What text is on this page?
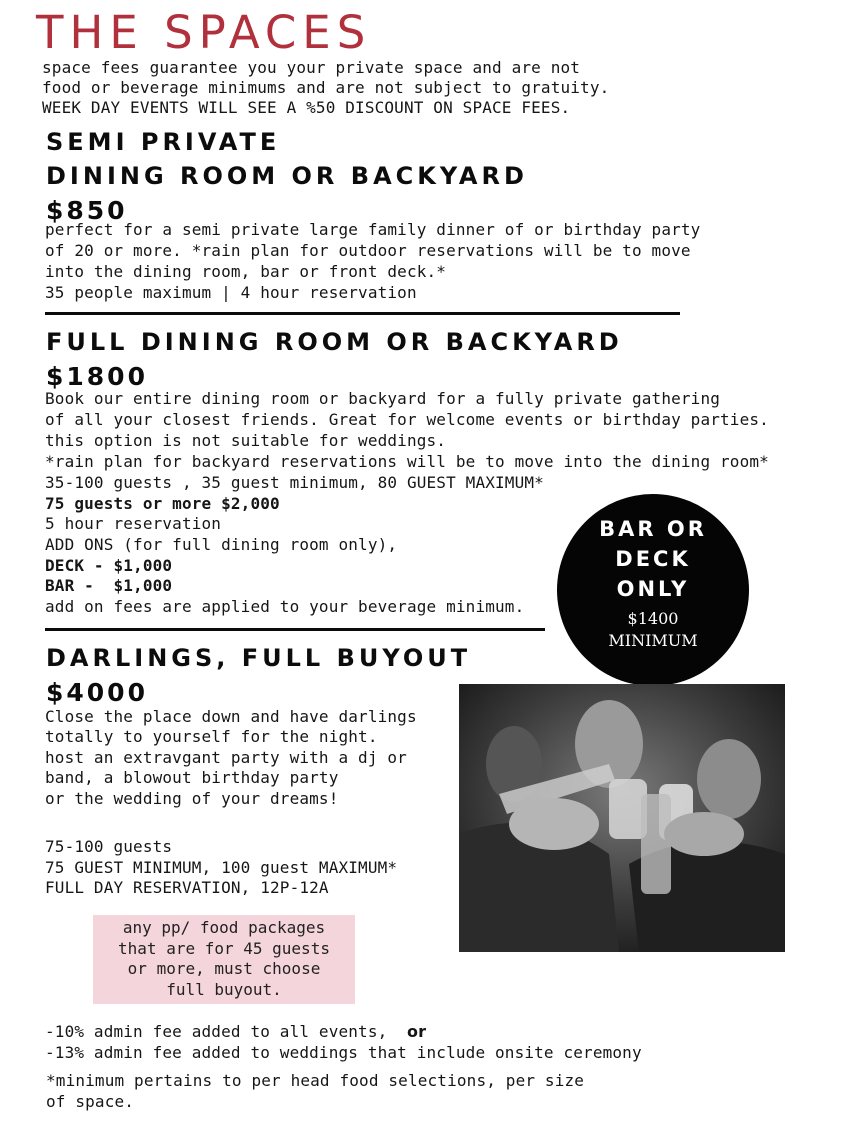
THE SPACES
space fees guarantee you your private space and are not
food or beverage minimums and are not subject to gratuity.
WEEK DAY EVENTS WILL SEE A %50 DISCOUNT ON SPACE FEES.
SEMI PRIVATE
DINING ROOM OR BACKYARD
$850
perfect for a semi private large family dinner of or birthday party
of 20 or more. *rain plan for outdoor reservations will be to move
into the dining room, bar or front deck.*
35 people maximum | 4 hour reservation
FULL DINING ROOM OR BACKYARD
$1800
Book our entire dining room or backyard for a fully private gathering
of all your closest friends. Great for welcome events or birthday parties.
this option is not suitable for weddings.
*rain plan for backyard reservations will be to move into the dining room*
35-100 guests , 35 guest minimum, 80 GUEST MAXIMUM*
75 guests or more $2,000
5 hour reservation
ADD ONS (for full dining room only),
DECK - $1,000
BAR -  $1,000
add on fees are applied to your beverage minimum.
BAR OR
DECK
ONLY
$1400
MINIMUM
DARLINGS, FULL BUYOUT
$4000
Close the place down and have darlings
totally to yourself for the night.
host an extravgant party with a dj or
band, a blowout birthday party
or the wedding of your dreams!
75-100 guests
75 GUEST MINIMUM, 100 guest MAXIMUM*
FULL DAY RESERVATION, 12P-12A
any pp/ food packages
that are for 45 guests
or more, must choose
full buyout.
-10% admin fee added to all events, or
-13% admin fee added to weddings that include onsite ceremony
*minimum pertains to per head food selections, per size
of space.
